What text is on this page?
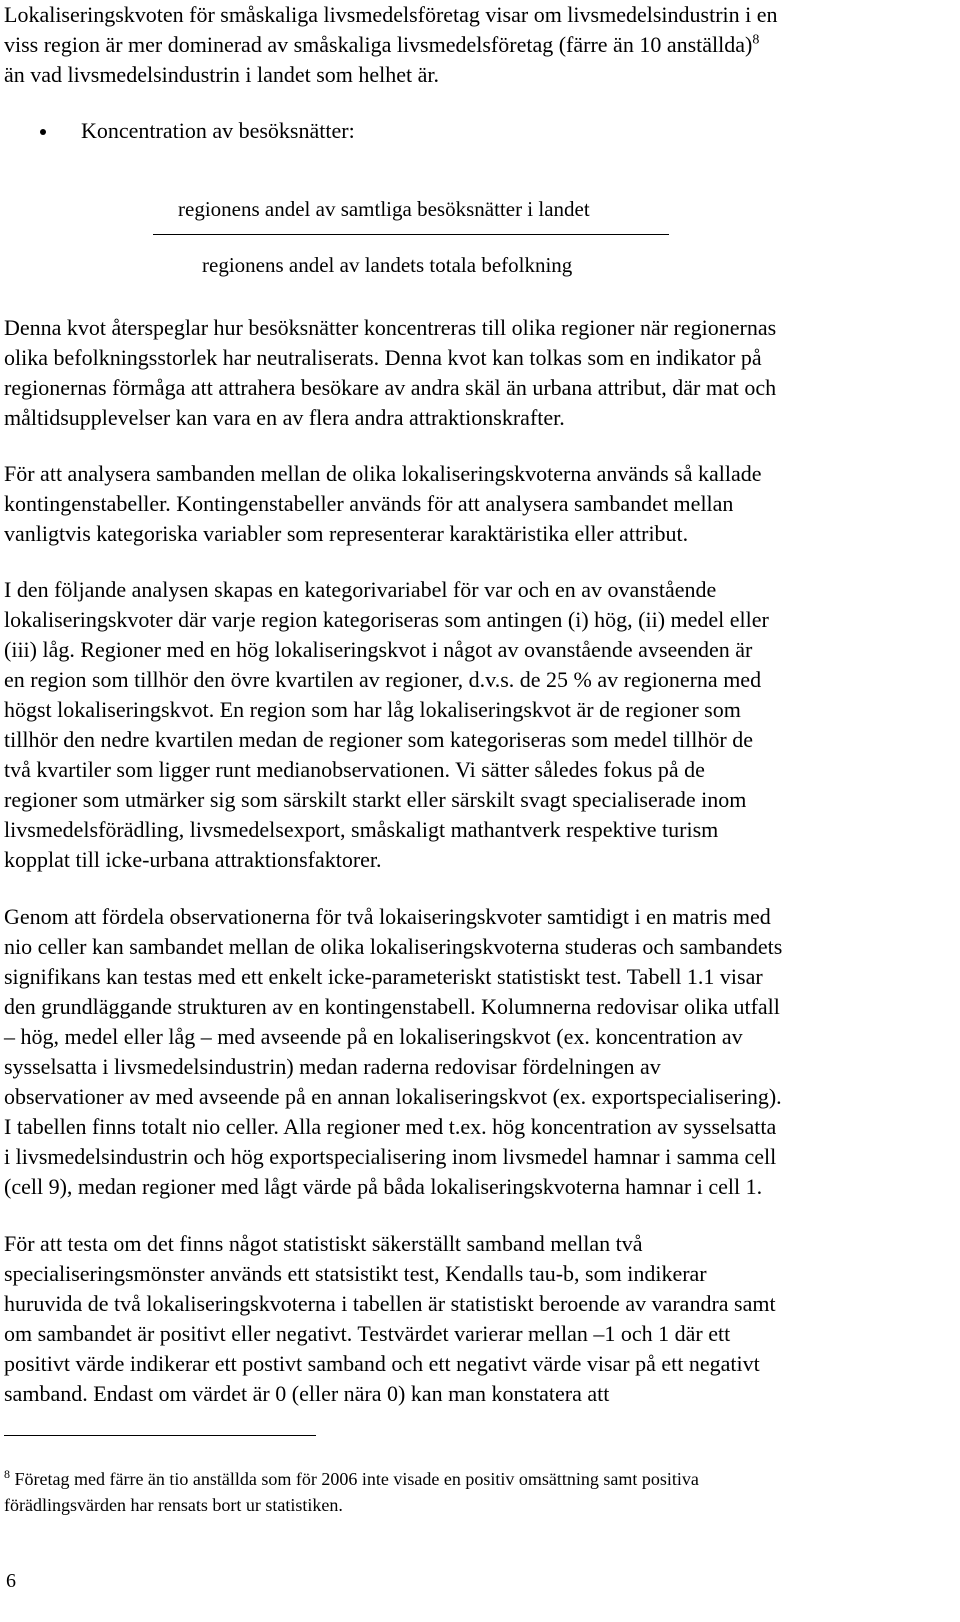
Lokaliseringskvoten för småskaliga livsmedelsföretag visar om livsmedelsindustrin i en
viss region är mer dominerad av småskaliga livsmedelsföretag (färre än 10 anställda)$^8$
än vad livsmedelsindustrin i landet som helhet är.
Koncentration av besöksnätter:
regionens andel av samtliga besöksnätter i landet
regionens andel av landets totala befolkning
Denna kvot återspeglar hur besöksnätter koncentreras till olika regioner när regionernas
olika befolkningsstorlek har neutraliserats. Denna kvot kan tolkas som en indikator på
regionernas förmåga att attrahera besökare av andra skäl än urbana attribut, där mat och
måltidsupplevelser kan vara en av flera andra attraktionskrafter.
För att analysera sambanden mellan de olika lokaliseringskvoterna används så kallade
kontingenstabeller. Kontingenstabeller används för att analysera sambandet mellan
vanligtvis kategoriska variabler som representerar karaktäristika eller attribut.
I den följande analysen skapas en kategorivariabel för var och en av ovanstående
lokaliseringskvoter där varje region kategoriseras som antingen (i) hög, (ii) medel eller
(iii) låg. Regioner med en hög lokaliseringskvot i något av ovanstående avseenden är
en region som tillhör den övre kvartilen av regioner, d.v.s. de 25 % av regionerna med
högst lokaliseringskvot. En region som har låg lokaliseringskvot är de regioner som
tillhör den nedre kvartilen medan de regioner som kategoriseras som medel tillhör de
två kvartiler som ligger runt medianobservationen. Vi sätter således fokus på de
regioner som utmärker sig som särskilt starkt eller särskilt svagt specialiserade inom
livsmedelsförädling, livsmedelsexport, småskaligt mathantverk respektive turism
kopplat till icke-urbana attraktionsfaktorer.
Genom att fördela observationerna för två lokaiseringskvoter samtidigt i en matris med
nio celler kan sambandet mellan de olika lokaliseringskvoterna studeras och sambandets
signifikans kan testas med ett enkelt icke-parameteriskt statistiskt test. Tabell 1.1 visar
den grundläggande strukturen av en kontingenstabell. Kolumnerna redovisar olika utfall
– hög, medel eller låg – med avseende på en lokaliseringskvot (ex. koncentration av
sysselsatta i livsmedelsindustrin) medan raderna redovisar fördelningen av
observationer av med avseende på en annan lokaliseringskvot (ex. exportspecialisering).
I tabellen finns totalt nio celler. Alla regioner med t.ex. hög koncentration av sysselsatta
i livsmedelsindustrin och hög exportspecialisering inom livsmedel hamnar i samma cell
(cell 9), medan regioner med lågt värde på båda lokaliseringskvoterna hamnar i cell 1.
För att testa om det finns något statistiskt säkerställt samband mellan två
specialiseringsmönster används ett statsistikt test, Kendalls tau-b, som indikerar
huruvida de två lokaliseringskvoterna i tabellen är statistiskt beroende av varandra samt
om sambandet är positivt eller negativt. Testvärdet varierar mellan –1 och 1 där ett
positivt värde indikerar ett postivt samband och ett negativt värde visar på ett negativt
samband. Endast om värdet är 0 (eller nära 0) kan man konstatera att
$^8$ Företag med färre än tio anställda som för 2006 inte visade en positiv omsättning samt positiva
förädlingsvärden har rensats bort ur statistiken.
6
